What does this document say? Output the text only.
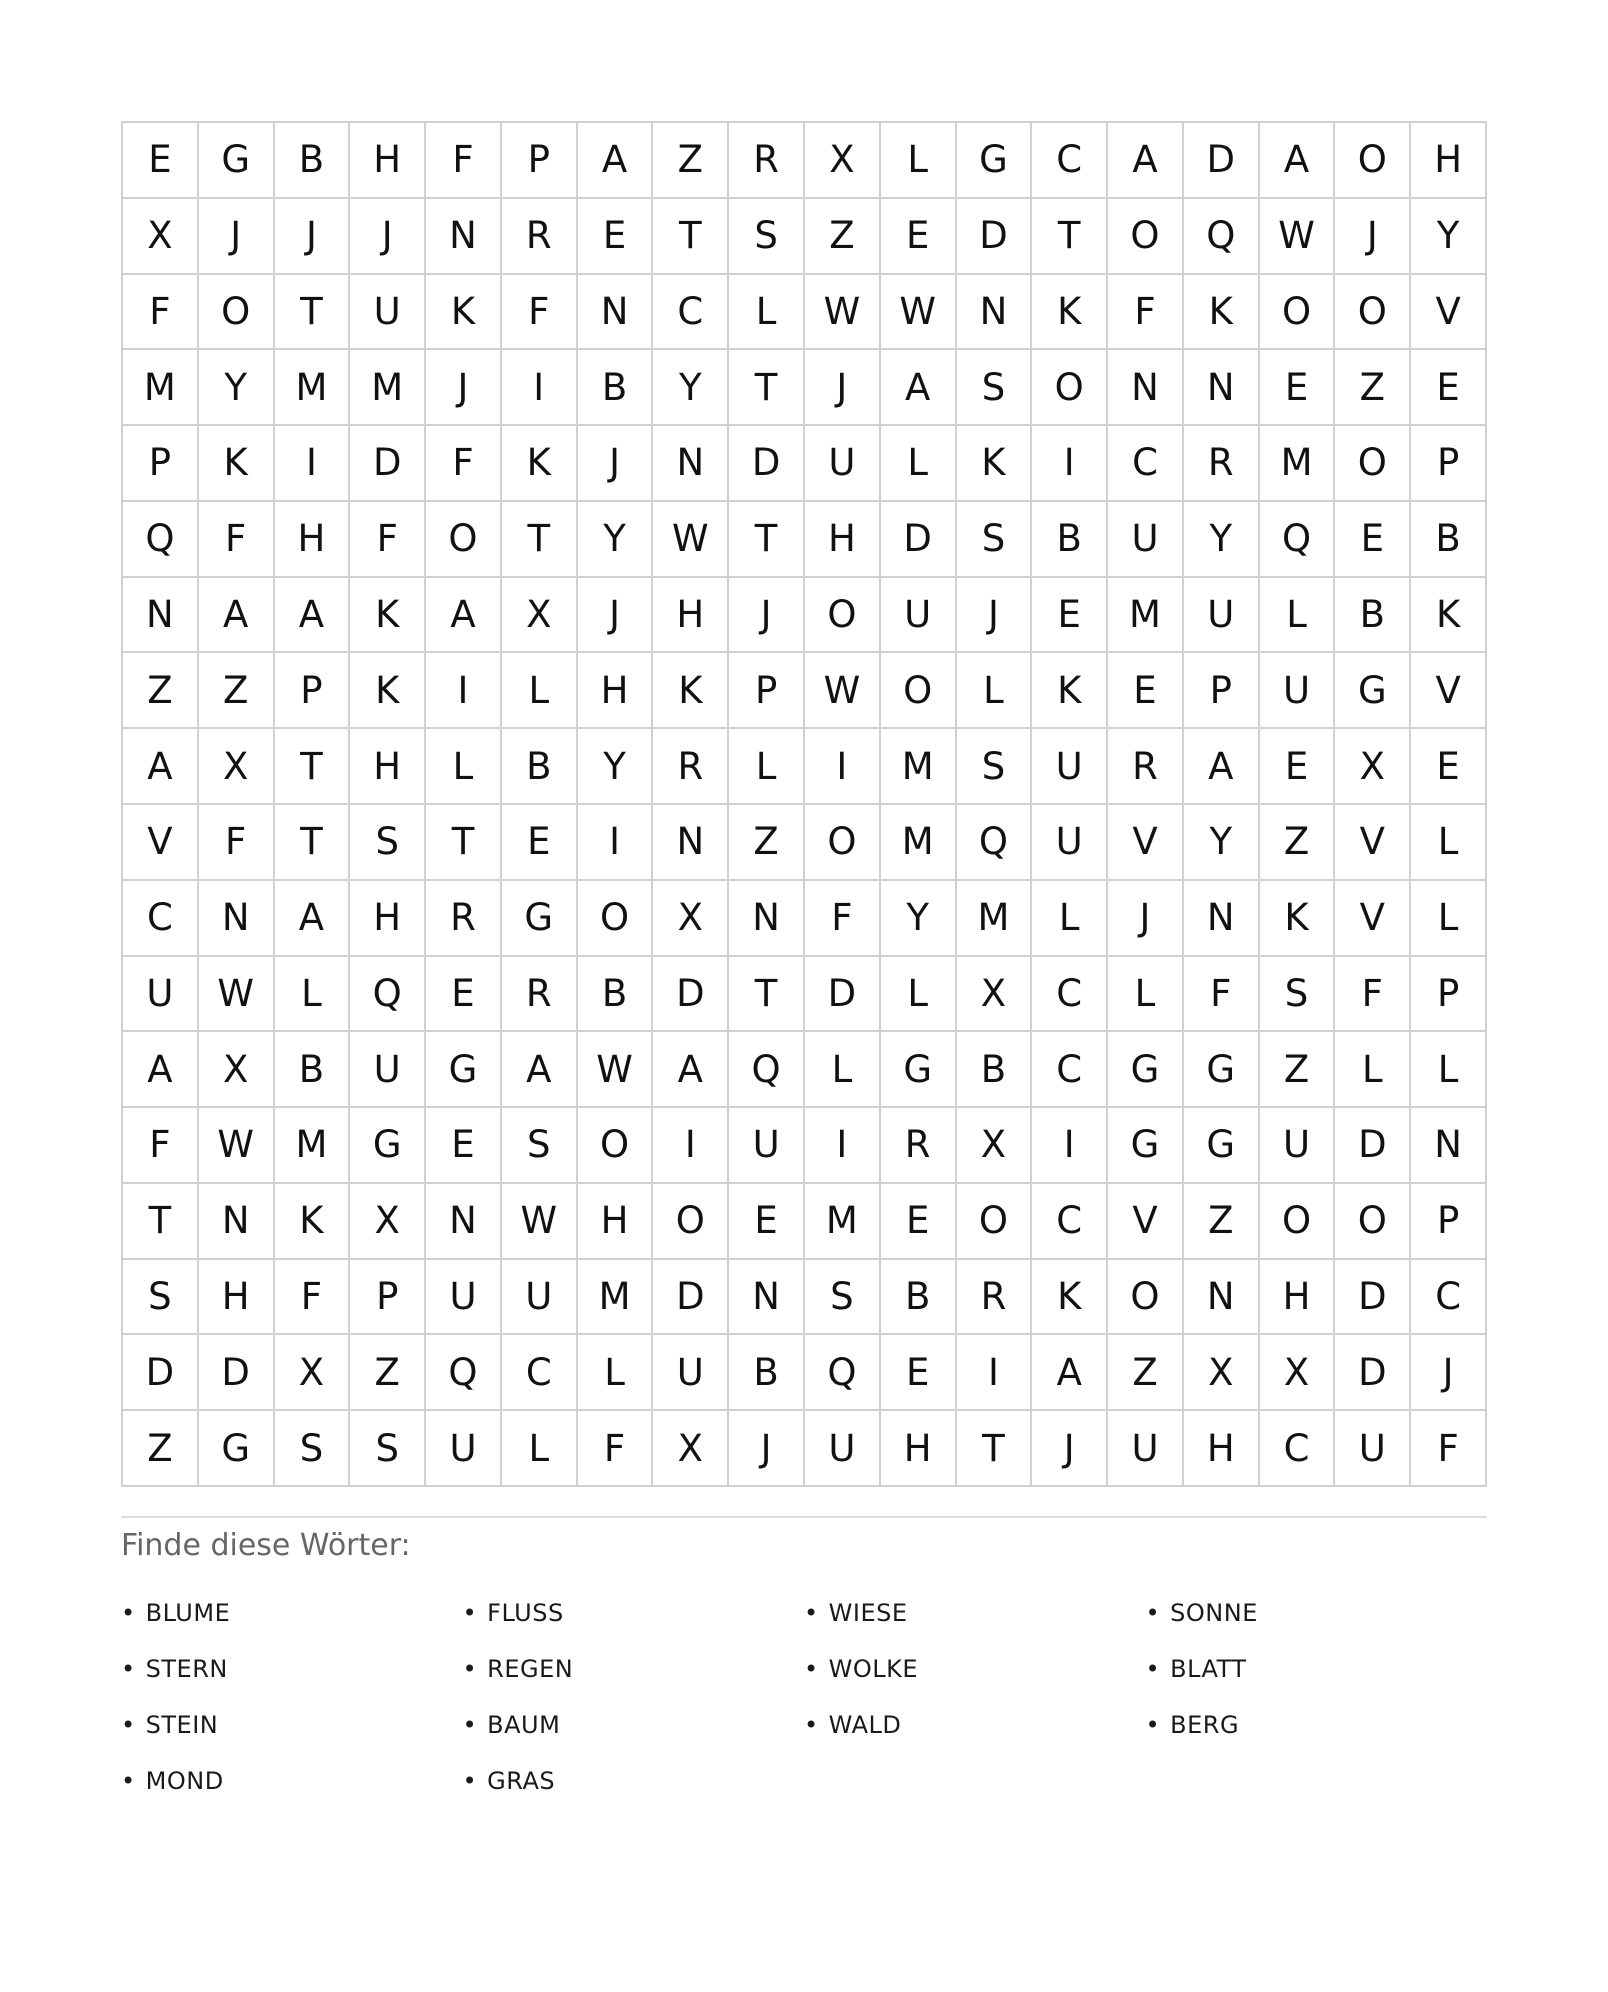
E	G	B	H	F	P	A	Z	R	X	L	G	C	A	D	A	O	H
X	J	J	J	N	R	E	T	S	Z	E	D	T	O	Q	W	J	Y
F	O	T	U	K	F	N	C	L	W	W	N	K	F	K	O	O	V
M	Y	M	M	J	I	B	Y	T	J	A	S	O	N	N	E	Z	E
P	K	I	D	F	K	J	N	D	U	L	K	I	C	R	M	O	P
Q	F	H	F	O	T	Y	W	T	H	D	S	B	U	Y	Q	E	B
N	A	A	K	A	X	J	H	J	O	U	J	E	M	U	L	B	K
Z	Z	P	K	I	L	H	K	P	W	O	L	K	E	P	U	G	V
A	X	T	H	L	B	Y	R	L	I	M	S	U	R	A	E	X	E
V	F	T	S	T	E	I	N	Z	O	M	Q	U	V	Y	Z	V	L
C	N	A	H	R	G	O	X	N	F	Y	M	L	J	N	K	V	L
U	W	L	Q	E	R	B	D	T	D	L	X	C	L	F	S	F	P
A	X	B	U	G	A	W	A	Q	L	G	B	C	G	G	Z	L	L
F	W	M	G	E	S	O	I	U	I	R	X	I	G	G	U	D	N
T	N	K	X	N	W	H	O	E	M	E	O	C	V	Z	O	O	P
S	H	F	P	U	U	M	D	N	S	B	R	K	O	N	H	D	C
D	D	X	Z	Q	C	L	U	B	Q	E	I	A	Z	X	X	D	J
Z	G	S	S	U	L	F	X	J	U	H	T	J	U	H	C	U	F
Finde diese Wörter:
• BLUME	• FLUSS	• WIESE	• SONNE
• STERN	• REGEN	• WOLKE	• BLATT
• STEIN	• BAUM	• WALD	• BERG
• MOND	• GRAS
